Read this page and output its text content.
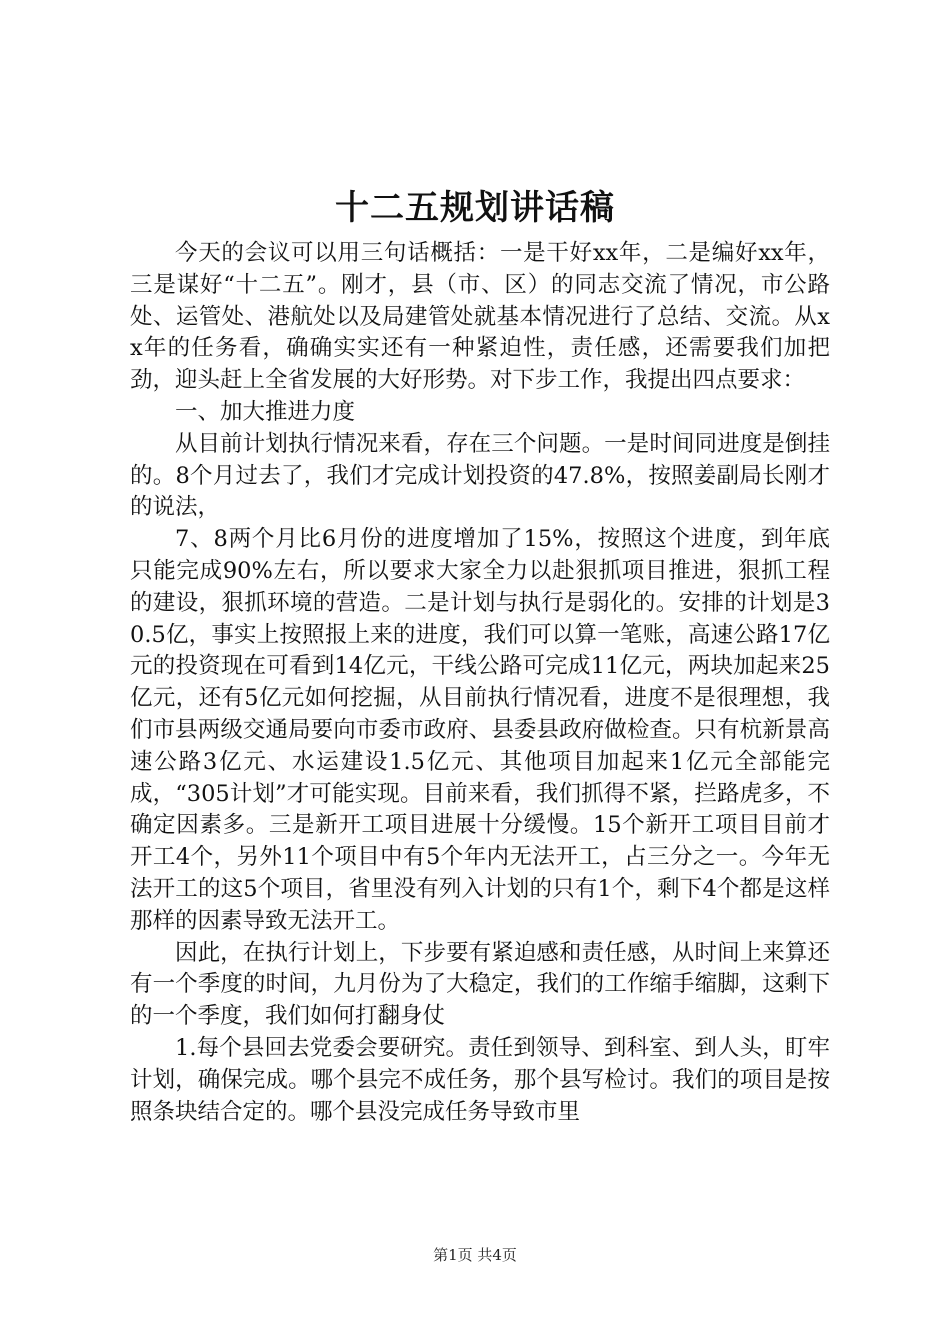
十二五规划讲话稿

今天的会议可以用三句话概括：一是干好xx年，二是编好xx年，三是谋好“十二五”。刚才，县（市、区）的同志交流了情况，市公路处、运管处、港航处以及局建管处就基本情况进行了总结、交流。从xx年的任务看，确确实实还有一种紧迫性，责任感，还需要我们加把劲，迎头赶上全省发展的大好形势。对下步工作，我提出四点要求：

一、加大推进力度

从目前计划执行情况来看，存在三个问题。一是时间同进度是倒挂的。8个月过去了，我们才完成计划投资的47.8%，按照姜副局长刚才的说法，

7、8两个月比6月份的进度增加了15%，按照这个进度，到年底只能完成90%左右，所以要求大家全力以赴狠抓项目推进，狠抓工程的建设，狠抓环境的营造。二是计划与执行是弱化的。安排的计划是30.5亿，事实上按照报上来的进度，我们可以算一笔账，高速公路17亿元的投资现在可看到14亿元，干线公路可完成11亿元，两块加起来25亿元，还有5亿元如何挖掘，从目前执行情况看，进度不是很理想，我们市县两级交通局要向市委市政府、县委县政府做检查。只有杭新景高速公路3亿元、水运建设1.5亿元、其他项目加起来1亿元全部能完成，“305计划”才可能实现。目前来看，我们抓得不紧，拦路虎多，不确定因素多。三是新开工项目进展十分缓慢。15个新开工项目目前才开工4个，另外11个项目中有5个年内无法开工，占三分之一。今年无法开工的这5个项目，省里没有列入计划的只有1个，剩下4个都是这样那样的因素导致无法开工。

因此，在执行计划上，下步要有紧迫感和责任感，从时间上来算还有一个季度的时间，九月份为了大稳定，我们的工作缩手缩脚，这剩下的一个季度，我们如何打翻身仗

1.每个县回去党委会要研究。责任到领导、到科室、到人头，盯牢计划，确保完成。哪个县完不成任务，那个县写检讨。我们的项目是按照条块结合定的。哪个县没完成任务导致市里

第1页 共4页
